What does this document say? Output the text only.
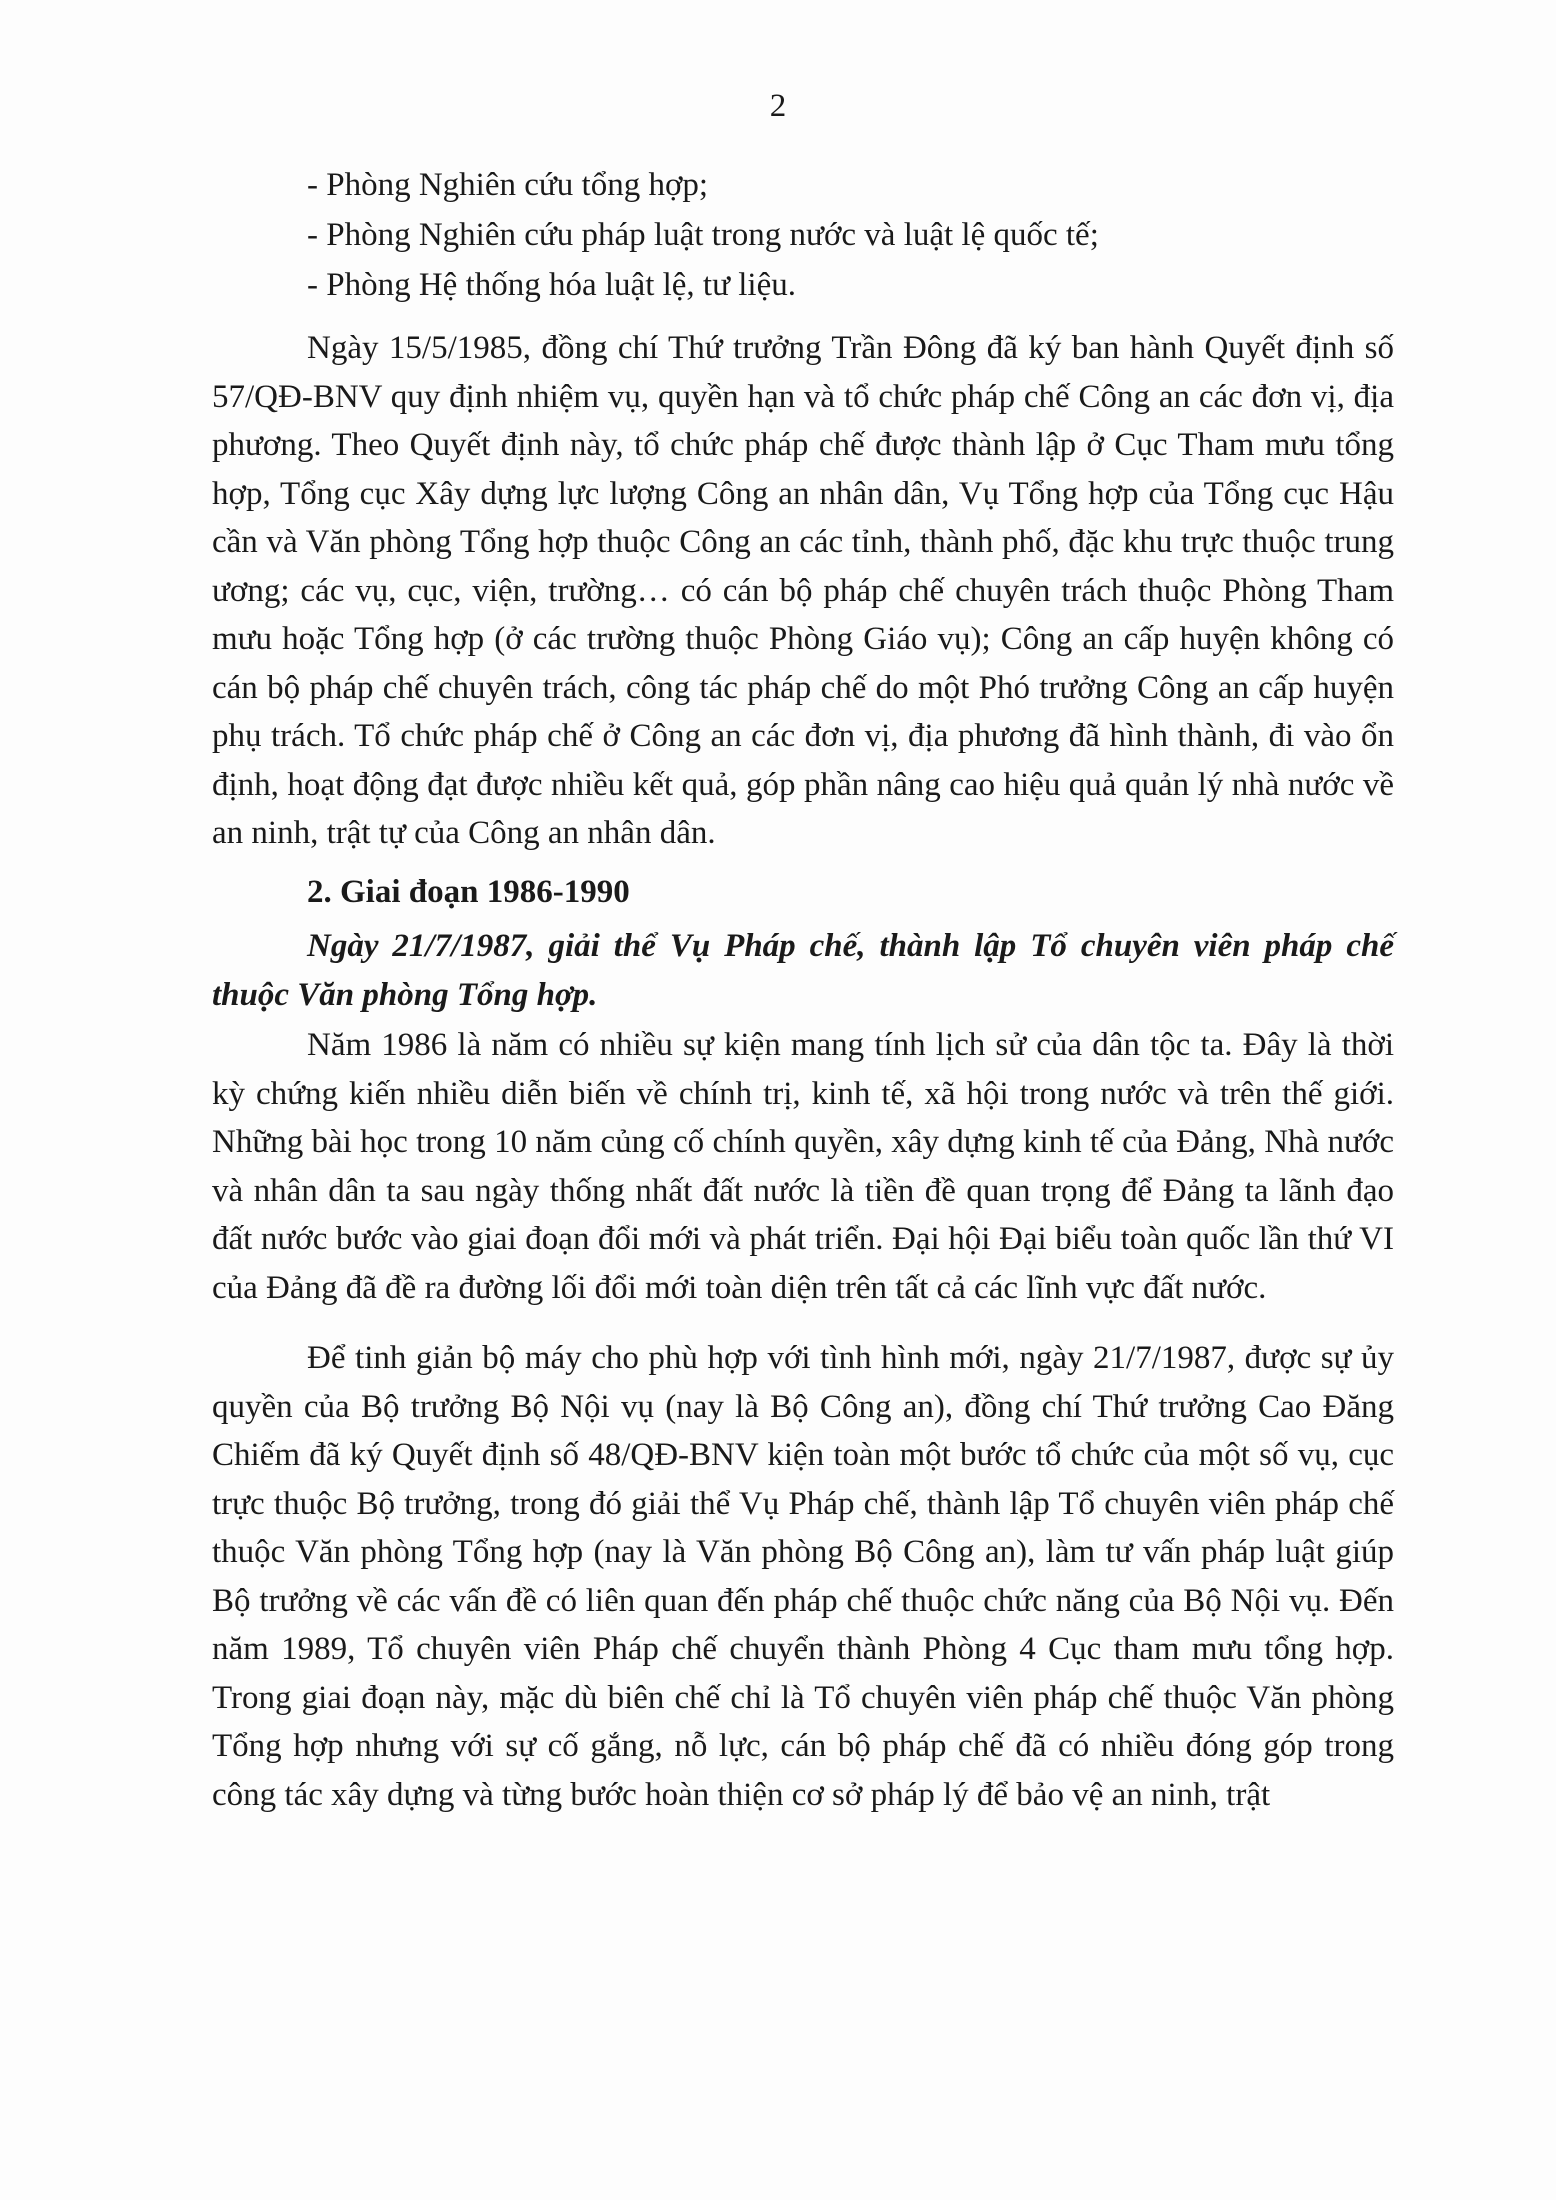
2

- Phòng Nghiên cứu tổng hợp;

- Phòng Nghiên cứu pháp luật trong nước và luật lệ quốc tế;

- Phòng Hệ thống hóa luật lệ, tư liệu.

Ngày 15/5/1985, đồng chí Thứ trưởng Trần Đông đã ký ban hành Quyết định số 57/QĐ-BNV quy định nhiệm vụ, quyền hạn và tổ chức pháp chế Công an các đơn vị, địa phương. Theo Quyết định này, tổ chức pháp chế được thành lập ở Cục Tham mưu tổng hợp, Tổng cục Xây dựng lực lượng Công an nhân dân, Vụ Tổng hợp của Tổng cục Hậu cần và Văn phòng Tổng hợp thuộc Công an các tỉnh, thành phố, đặc khu trực thuộc trung ương; các vụ, cục, viện, trường… có cán bộ pháp chế chuyên trách thuộc Phòng Tham mưu hoặc Tổng hợp (ở các trường thuộc Phòng Giáo vụ); Công an cấp huyện không có cán bộ pháp chế chuyên trách, công tác pháp chế do một Phó trưởng Công an cấp huyện phụ trách. Tổ chức pháp chế ở Công an các đơn vị, địa phương đã hình thành, đi vào ổn định, hoạt động đạt được nhiều kết quả, góp phần nâng cao hiệu quả quản lý nhà nước về an ninh, trật tự của Công an nhân dân.

2. Giai đoạn 1986-1990

Ngày 21/7/1987, giải thể Vụ Pháp chế, thành lập Tổ chuyên viên pháp chế thuộc Văn phòng Tổng hợp.

Năm 1986 là năm có nhiều sự kiện mang tính lịch sử của dân tộc ta. Đây là thời kỳ chứng kiến nhiều diễn biến về chính trị, kinh tế, xã hội trong nước và trên thế giới. Những bài học trong 10 năm củng cố chính quyền, xây dựng kinh tế của Đảng, Nhà nước và nhân dân ta sau ngày thống nhất đất nước là tiền đề quan trọng để Đảng ta lãnh đạo đất nước bước vào giai đoạn đổi mới và phát triển. Đại hội Đại biểu toàn quốc lần thứ VI của Đảng đã đề ra đường lối đổi mới toàn diện trên tất cả các lĩnh vực đất nước.

Để tinh giản bộ máy cho phù hợp với tình hình mới, ngày 21/7/1987, được sự ủy quyền của Bộ trưởng Bộ Nội vụ (nay là Bộ Công an), đồng chí Thứ trưởng Cao Đăng Chiếm đã ký Quyết định số 48/QĐ-BNV kiện toàn một bước tổ chức của một số vụ, cục trực thuộc Bộ trưởng, trong đó giải thể Vụ Pháp chế, thành lập Tổ chuyên viên pháp chế thuộc Văn phòng Tổng hợp (nay là Văn phòng Bộ Công an), làm tư vấn pháp luật giúp Bộ trưởng về các vấn đề có liên quan đến pháp chế thuộc chức năng của Bộ Nội vụ. Đến năm 1989, Tổ chuyên viên Pháp chế chuyển thành Phòng 4 Cục tham mưu tổng hợp. Trong giai đoạn này, mặc dù biên chế chỉ là Tổ chuyên viên pháp chế thuộc Văn phòng Tổng hợp nhưng với sự cố gắng, nỗ lực, cán bộ pháp chế đã có nhiều đóng góp trong công tác xây dựng và từng bước hoàn thiện cơ sở pháp lý để bảo vệ an ninh, trật
